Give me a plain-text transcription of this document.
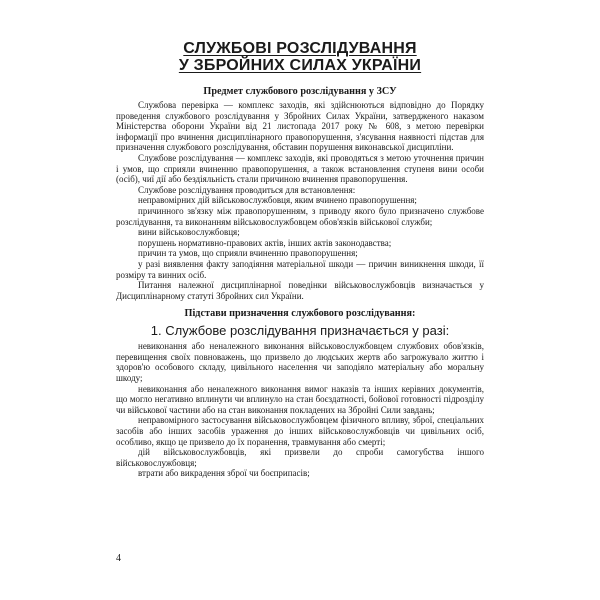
СЛУЖБОВІ РОЗСЛІДУВАННЯ
У ЗБРОЙНИХ СИЛАХ УКРАЇНИ
Предмет службового розслідування у ЗСУ

Службова перевірка — комплекс заходів, які здійснюються відповідно до Порядку проведення службового розслідування у Збройних Силах України, затвердженого наказом Міністерства оборони України від 21 листопада 2017 року № 608, з метою перевірки інформації про вчинення дисциплінарного правопорушення, з'ясування наявності підстав для призначення службового розслідування, обставин порушення виконавської дисципліни.

Службове розслідування — комплекс заходів, які проводяться з метою уточнення причин і умов, що сприяли вчиненню правопорушення, а також встановлення ступеня вини особи (осіб), чиї дії або бездіяльність стали причиною вчинення правопорушення.

Службове розслідування проводиться для встановлення:

неправомірних дій військовослужбовця, яким вчинено правопорушення;

причинного зв'язку між правопорушенням, з приводу якого було призначено службове розслідування, та виконанням військовослужбовцем обов'язків військової служби;

вини військовослужбовця;

порушень нормативно-правових актів, інших актів законодавства;

причин та умов, що сприяли вчиненню правопорушення;

у разі виявлення факту заподіяння матеріальної шкоди — причин виникнення шкоди, її розміру та винних осіб.

Питання належної дисциплінарної поведінки військовослужбовців визначається у Дисциплінарному статуті Збройних сил України.

Підстави призначення службового розслідування:
1. Службове розслідування призначається у разі:

невиконання або неналежного виконання військовослужбовцем службових обов'язків, перевищення своїх повноважень, що призвело до людських жертв або загрожувало життю і здоров'ю особового складу, цивільного населення чи заподіяло матеріальну або моральну шкоду;

невиконання або неналежного виконання вимог наказів та інших керівних документів, що могло негативно вплинути чи вплинуло на стан боєздатності, бойової готовності підрозділу чи військової частини або на стан виконання покладених на Збройні Сили завдань;

неправомірного застосування військовослужбовцем фізичного впливу, зброї, спеціальних засобів або інших засобів ураження до інших військовослужбовців чи цивільних осіб, особливо, якщо це призвело до їх поранення, травмування або смерті;

дій військовослужбовців, які призвели до спроби самогубства іншого військовослужбовця;

втрати або викрадення зброї чи боєприпасів;

4
